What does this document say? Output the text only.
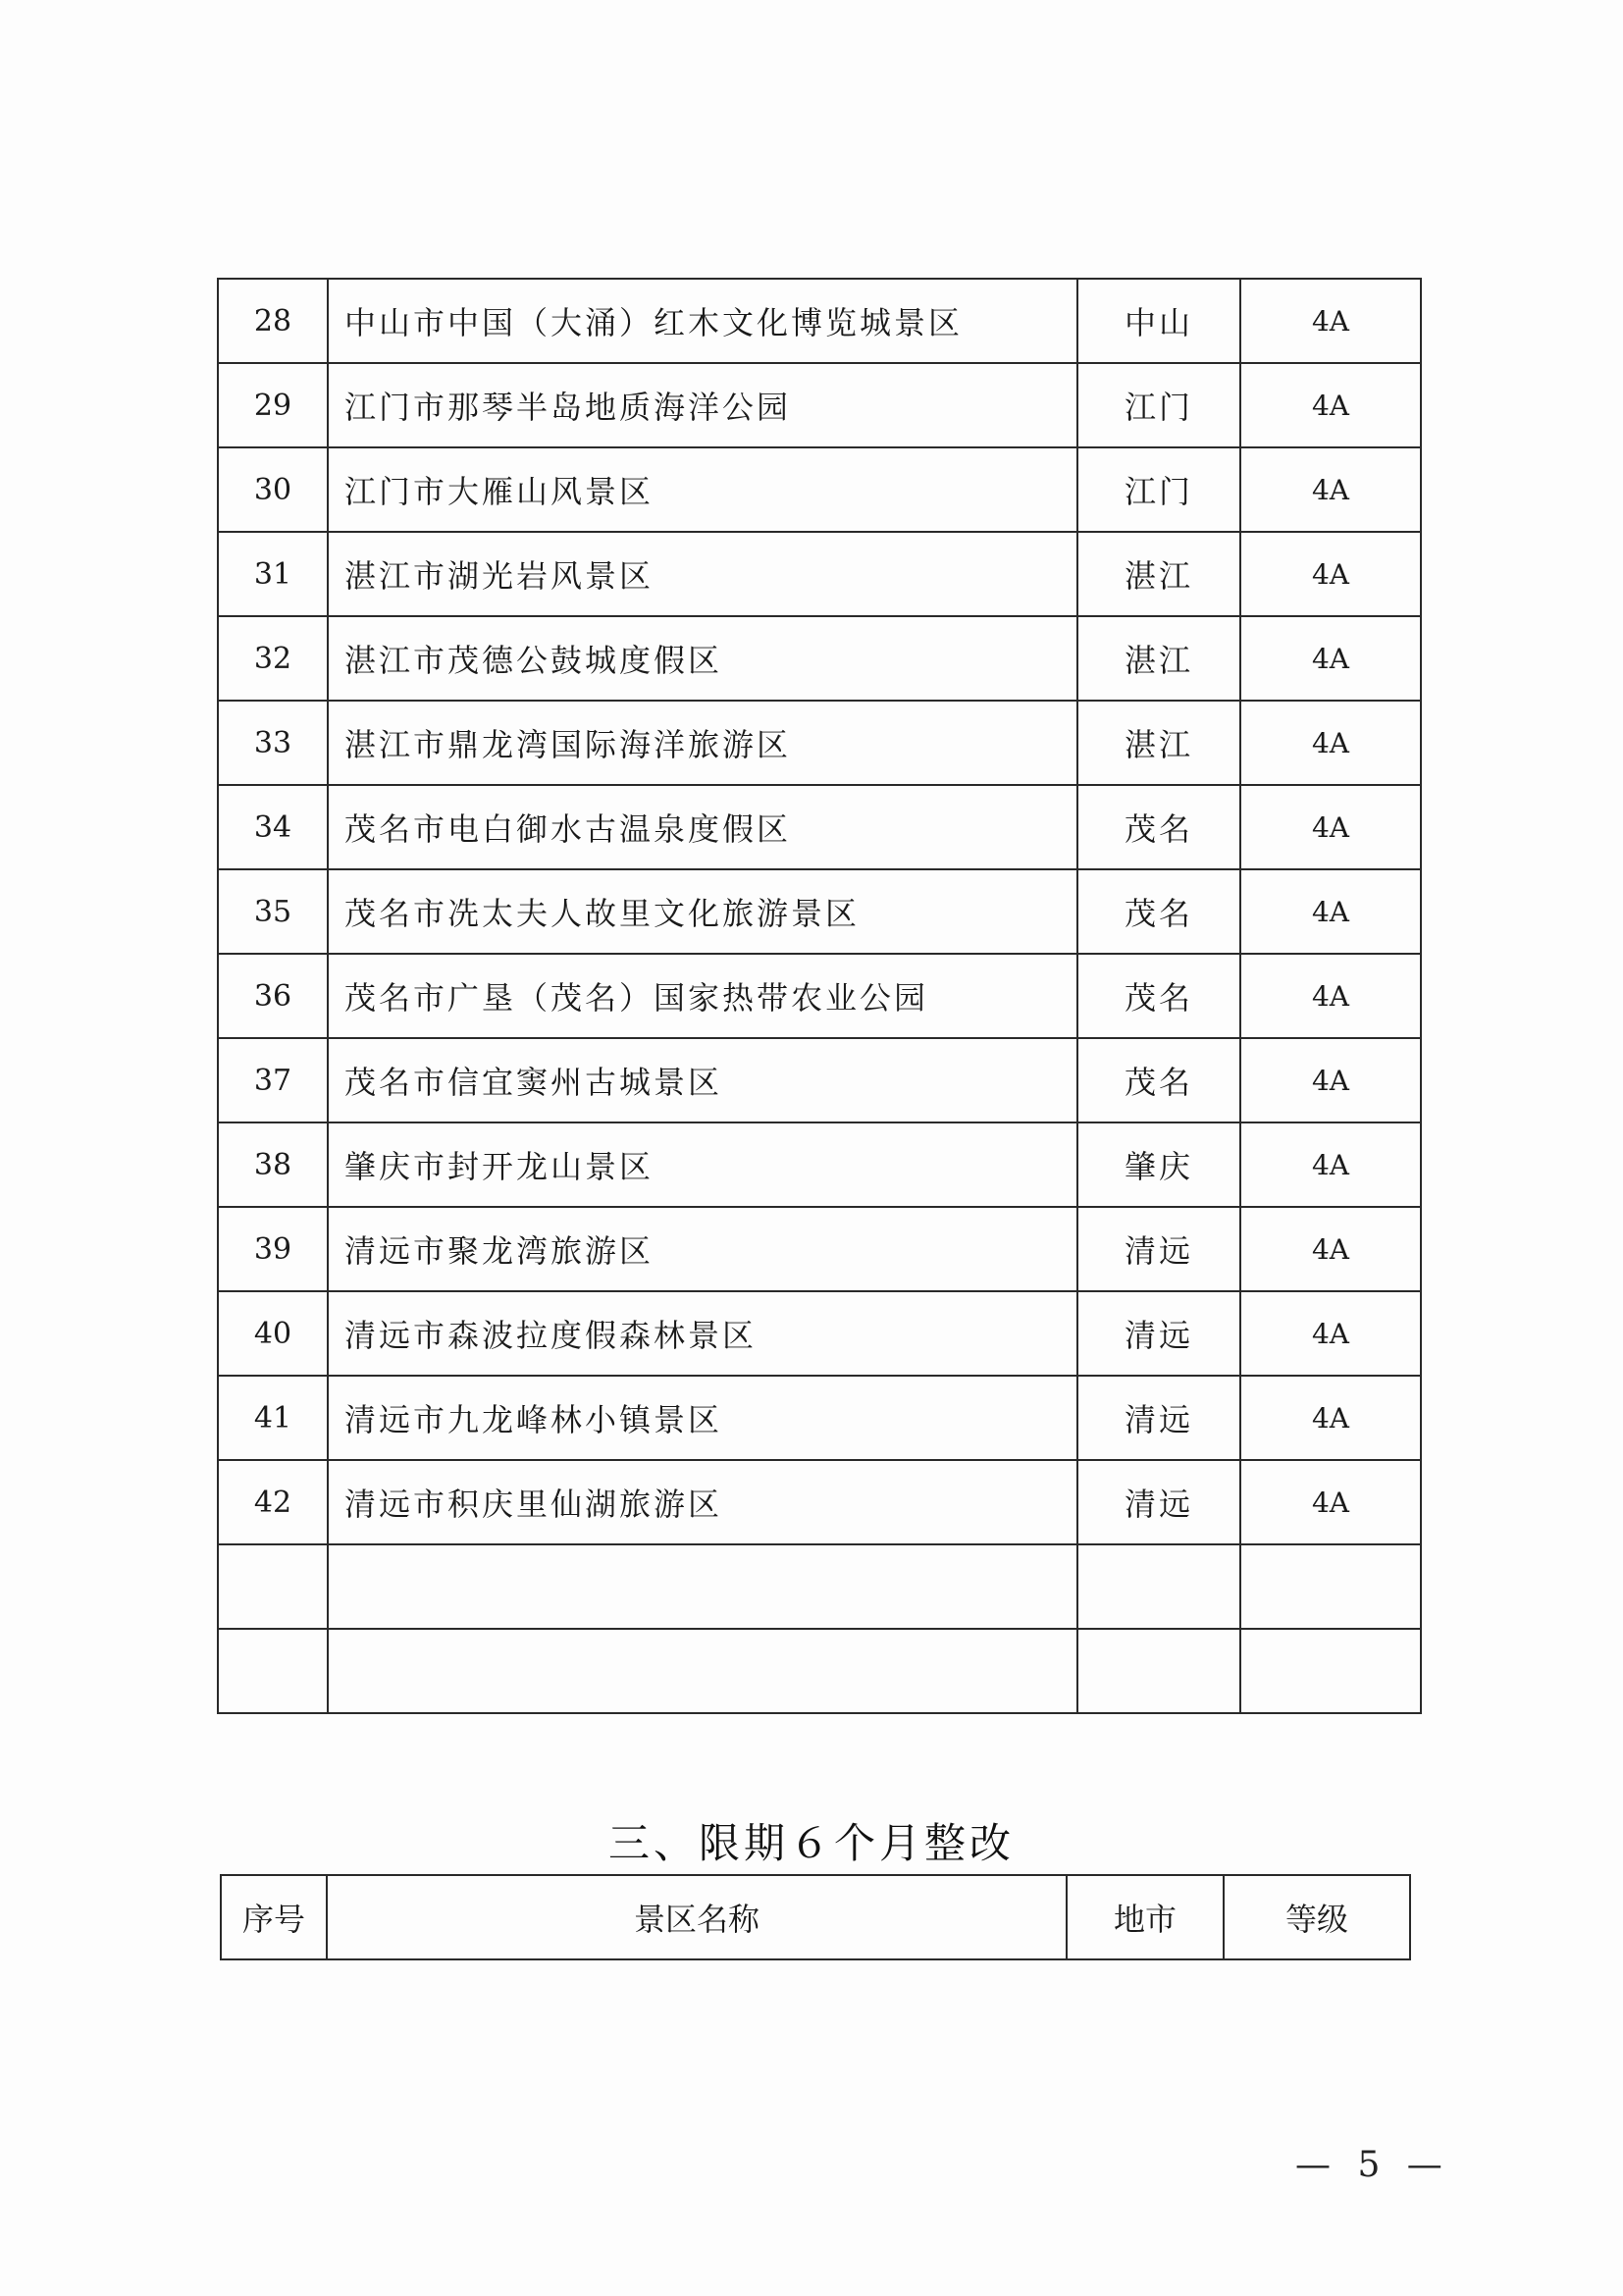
28	中山市中国（大涌）红木文化博览城景区	中山	4A
29	江门市那琴半岛地质海洋公园	江门	4A
30	江门市大雁山风景区	江门	4A
31	湛江市湖光岩风景区	湛江	4A
32	湛江市茂德公鼓城度假区	湛江	4A
33	湛江市鼎龙湾国际海洋旅游区	湛江	4A
34	茂名市电白御水古温泉度假区	茂名	4A
35	茂名市冼太夫人故里文化旅游景区	茂名	4A
36	茂名市广垦（茂名）国家热带农业公园	茂名	4A
37	茂名市信宜窦州古城景区	茂名	4A
38	肇庆市封开龙山景区	肇庆	4A
39	清远市聚龙湾旅游区	清远	4A
40	清远市森波拉度假森林景区	清远	4A
41	清远市九龙峰林小镇景区	清远	4A
42	清远市积庆里仙湖旅游区	清远	4A

三、限期６个月整改
序号	景区名称	地市	等级
— 5 —
